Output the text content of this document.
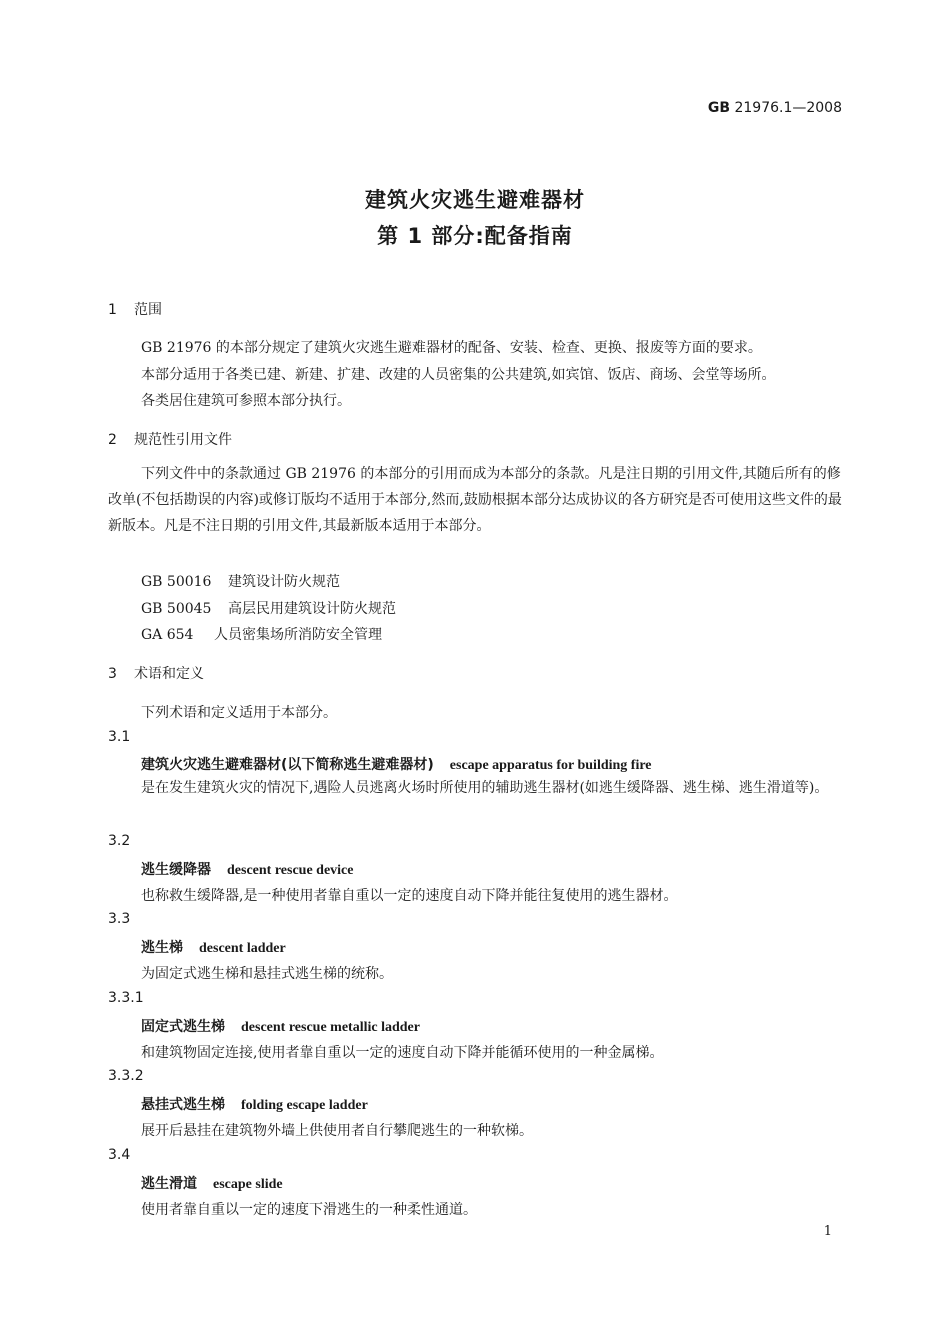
GB 21976.1—2008
建筑火灾逃生避难器材
第 1 部分:配备指南
1 范围
GB 21976 的本部分规定了建筑火灾逃生避难器材的配备、安装、检查、更换、报废等方面的要求。
本部分适用于各类已建、新建、扩建、改建的人员密集的公共建筑,如宾馆、饭店、商场、会堂等场所。
各类居住建筑可参照本部分执行。
2 规范性引用文件
下列文件中的条款通过 GB 21976 的本部分的引用而成为本部分的条款。凡是注日期的引用文件,其随后所有的修改单(不包括勘误的内容)或修订版均不适用于本部分,然而,鼓励根据本部分达成协议的各方研究是否可使用这些文件的最新版本。凡是不注日期的引用文件,其最新版本适用于本部分。
GB 50016 建筑设计防火规范
GB 50045 高层民用建筑设计防火规范
GA 654 人员密集场所消防安全管理
3 术语和定义
下列术语和定义适用于本部分。
3.1
建筑火灾逃生避难器材(以下简称逃生避难器材) escape apparatus for building fire
是在发生建筑火灾的情况下,遇险人员逃离火场时所使用的辅助逃生器材(如逃生缓降器、逃生梯、逃生滑道等)。
3.2
逃生缓降器 descent rescue device
也称救生缓降器,是一种使用者靠自重以一定的速度自动下降并能往复使用的逃生器材。
3.3
逃生梯 descent ladder
为固定式逃生梯和悬挂式逃生梯的统称。
3.3.1
固定式逃生梯 descent rescue metallic ladder
和建筑物固定连接,使用者靠自重以一定的速度自动下降并能循环使用的一种金属梯。
3.3.2
悬挂式逃生梯 folding escape ladder
展开后悬挂在建筑物外墙上供使用者自行攀爬逃生的一种软梯。
3.4
逃生滑道 escape slide
使用者靠自重以一定的速度下滑逃生的一种柔性通道。
1
